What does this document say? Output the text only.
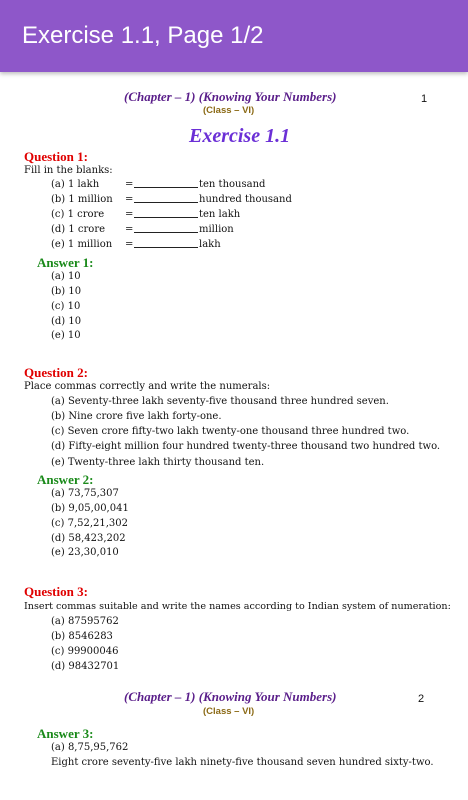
Exercise 1.1, Page 1/2
(Chapter – 1) (Knowing Your Numbers)
(Class – VI)
1
Exercise 1.1
Question 1:
Fill in the blanks:
(a) 1 lakh	=	ten thousand
(b) 1 million =	hundred thousand
(c) 1 crore =	ten lakh
(d) 1 crore =	million
(e) 1 million =	lakh
Answer 1:
(a) 10
(b) 10
(c) 10
(d) 10
(e) 10
Question 2:
Place commas correctly and write the numerals:
(a) Seventy-three lakh seventy-five thousand three hundred seven.
(b) Nine crore five lakh forty-one.
(c) Seven crore fifty-two lakh twenty-one thousand three hundred two.
(d) Fifty-eight million four hundred twenty-three thousand two hundred two.
(e) Twenty-three lakh thirty thousand ten.
Answer 2:
(a) 73,75,307
(b) 9,05,00,041
(c) 7,52,21,302
(d) 58,423,202
(e) 23,30,010
Question 3:
Insert commas suitable and write the names according to Indian system of numeration:
(a) 87595762
(b) 8546283
(c) 99900046
(d) 98432701
(Chapter – 1) (Knowing Your Numbers)
(Class – VI)
2
Answer 3:
(a) 8,75,95,762
Eight crore seventy-five lakh ninety-five thousand seven hundred sixty-two.
